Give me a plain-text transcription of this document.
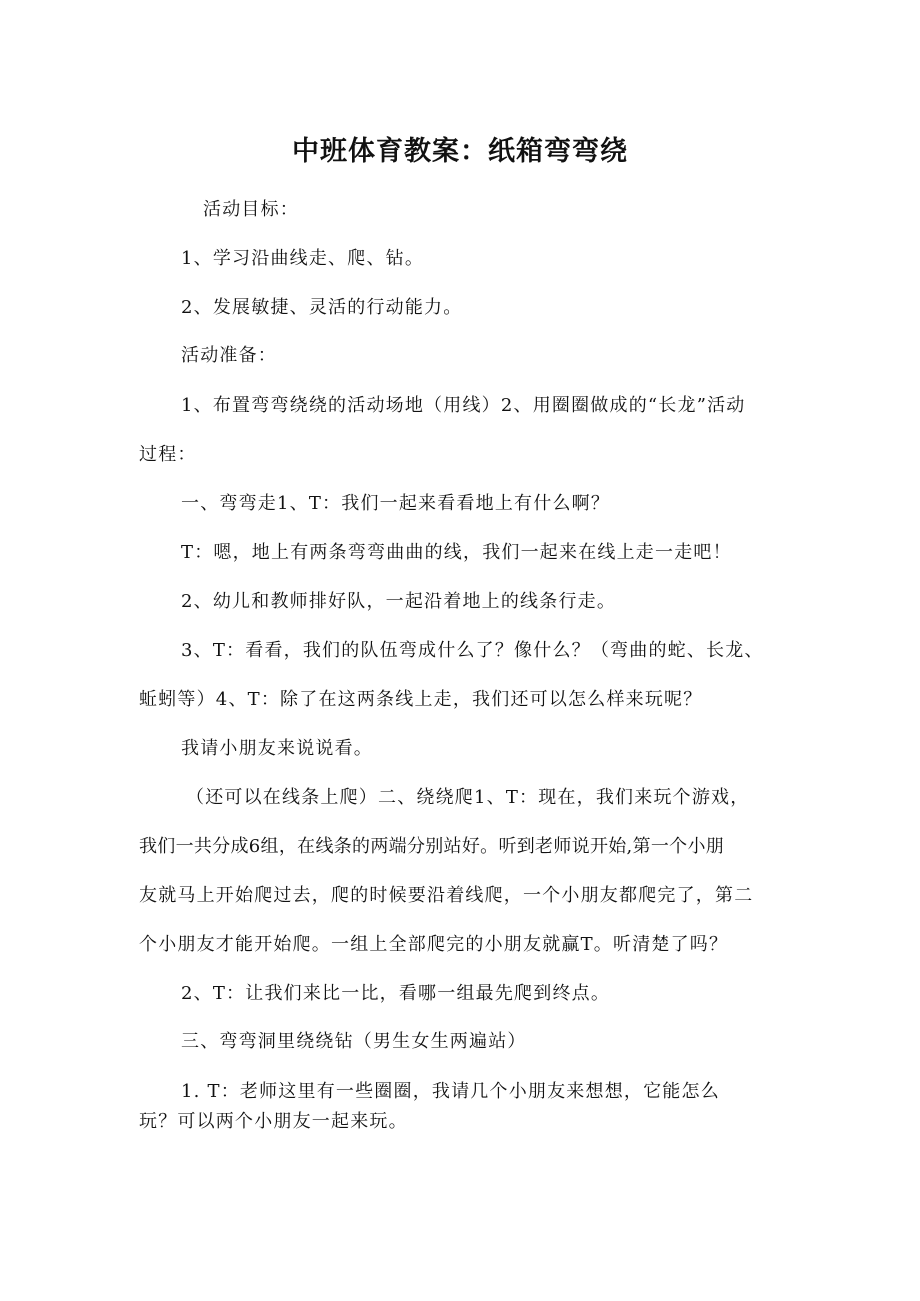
中班体育教案：纸箱弯弯绕
活动目标：
1、学习沿曲线走、爬、钻。
2、发展敏捷、灵活的行动能力。
活动准备：
1、布置弯弯绕绕的活动场地（用线）2、用圈圈做成的“长龙”活动
过程：
一、弯弯走1、T：我们一起来看看地上有什么啊？
T：嗯，地上有两条弯弯曲曲的线，我们一起来在线上走一走吧！
2、幼儿和教师排好队，一起沿着地上的线条行走。
3、T：看看，我们的队伍弯成什么了？像什么？（弯曲的蛇、长龙、
蚯蚓等）4、T：除了在这两条线上走，我们还可以怎么样来玩呢？
我请小朋友来说说看。
（还可以在线条上爬）二、绕绕爬1、T：现在，我们来玩个游戏，
我们一共分成6组，在线条的两端分别站好。听到老师说开始,第一个小朋
友就马上开始爬过去，爬的时候要沿着线爬，一个小朋友都爬完了，第二
个小朋友才能开始爬。一组上全部爬完的小朋友就赢T。听清楚了吗？
2、T：让我们来比一比，看哪一组最先爬到终点。
三、弯弯洞里绕绕钻（男生女生两遍站）
1. T：老师这里有一些圈圈，我请几个小朋友来想想，它能怎么
玩？可以两个小朋友一起来玩。
